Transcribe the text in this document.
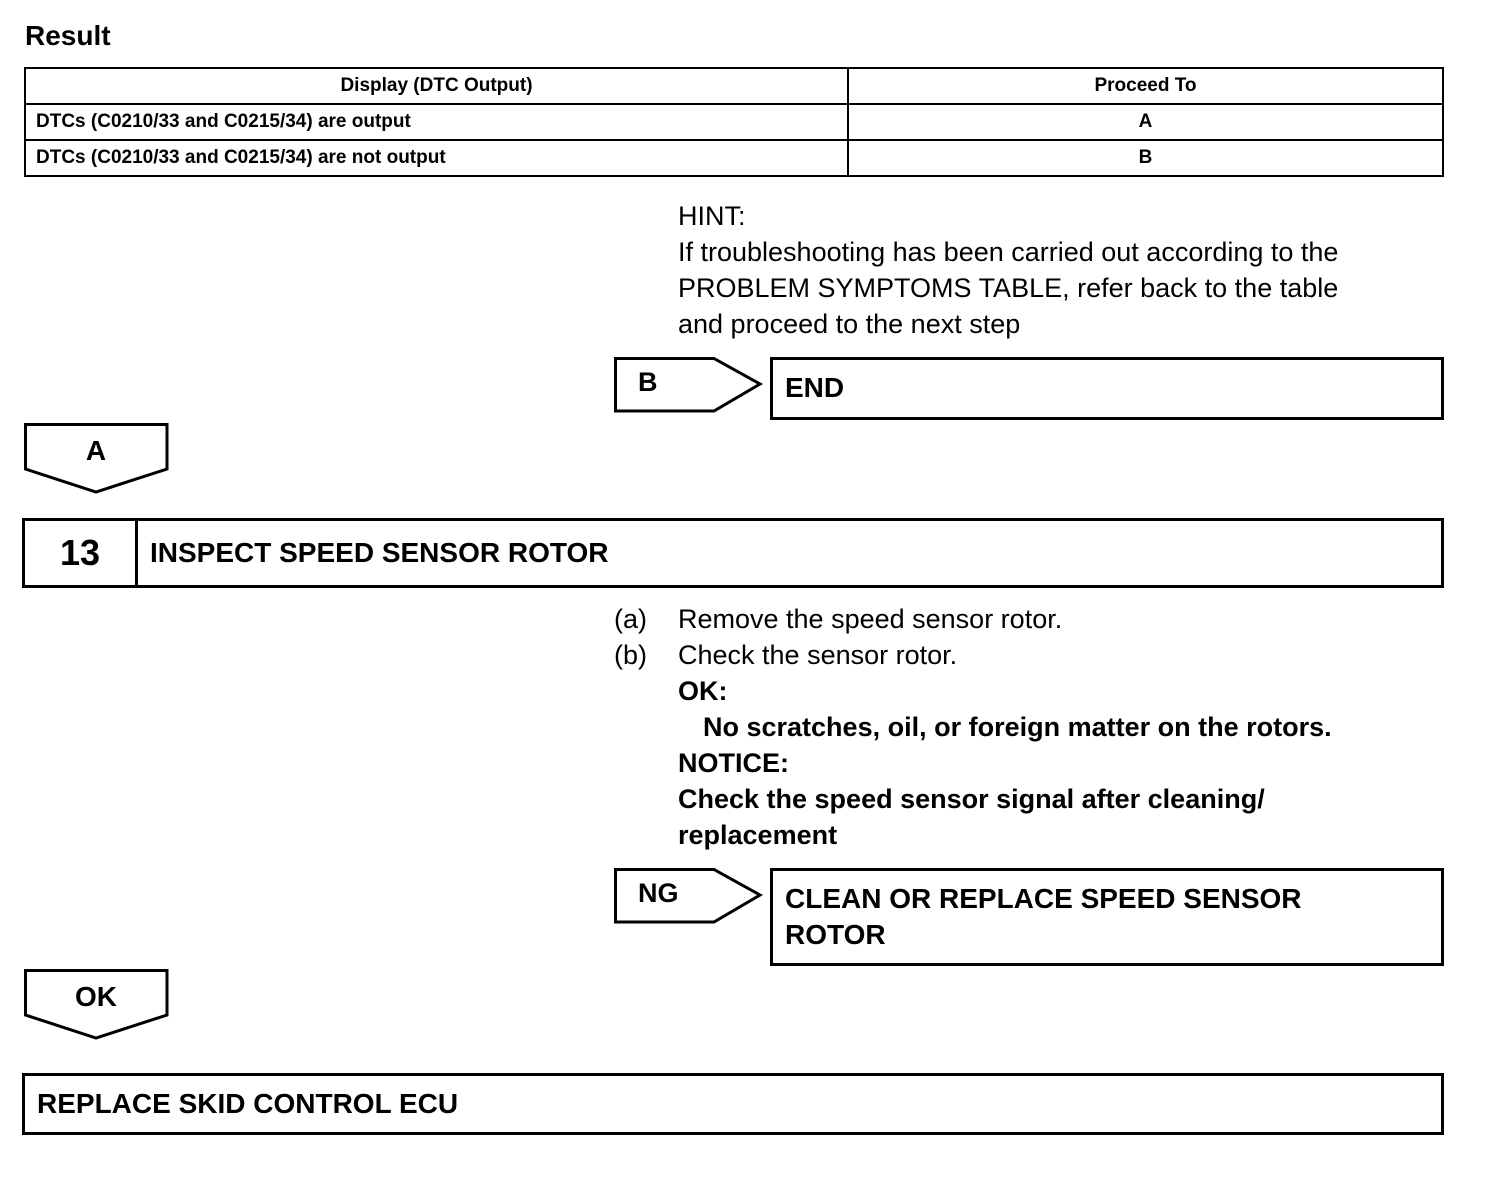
Result
Display (DTC Output)	Proceed To
DTCs (C0210/33 and C0215/34) are output	A
DTCs (C0210/33 and C0215/34) are not output	B
HINT:
If troubleshooting has been carried out according to the
PROBLEM SYMPTOMS TABLE, refer back to the table
and proceed to the next step
B	END
A
13	INSPECT SPEED SENSOR ROTOR
(a) Remove the speed sensor rotor.
(b) Check the sensor rotor.
OK:
No scratches, oil, or foreign matter on the rotors.
NOTICE:
Check the speed sensor signal after cleaning/
replacement
NG	CLEAN OR REPLACE SPEED SENSOR
ROTOR
OK
REPLACE SKID CONTROL ECU
